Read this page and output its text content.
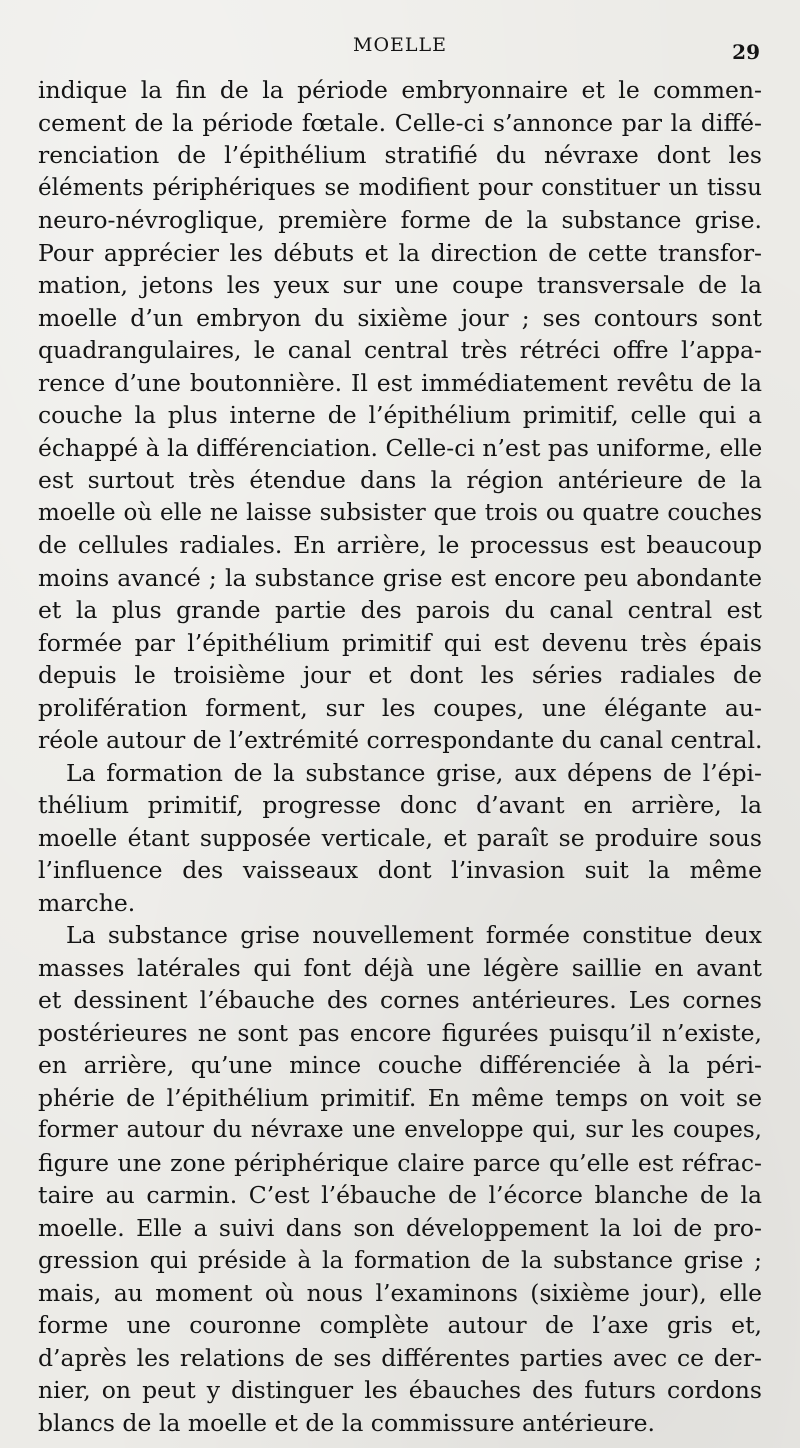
MOELLE	29
indique la fin de la période embryonnaire et le commen-
cement de la période fœtale. Celle-ci s’annonce par la diffé-
renciation de l’épithélium stratifié du névraxe dont les
éléments périphériques se modifient pour constituer un tissu
neuro-névroglique, première forme de la substance grise.
Pour apprécier les débuts et la direction de cette transfor-
mation, jetons les yeux sur une coupe transversale de la
moelle d’un embryon du sixième jour ; ses contours sont
quadrangulaires, le canal central très rétréci offre l’appa-
rence d’une boutonnière. Il est immédiatement revêtu de la
couche la plus interne de l’épithélium primitif, celle qui a
échappé à la différenciation. Celle-ci n’est pas uniforme, elle
est surtout très étendue dans la région antérieure de la
moelle où elle ne laisse subsister que trois ou quatre couches
de cellules radiales. En arrière, le processus est beaucoup
moins avancé ; la substance grise est encore peu abondante
et la plus grande partie des parois du canal central est
formée par l’épithélium primitif qui est devenu très épais
depuis le troisième jour et dont les séries radiales de
prolifération forment, sur les coupes, une élégante au-
réole autour de l’extrémité correspondante du canal central.
La formation de la substance grise, aux dépens de l’épi-
thélium primitif, progresse donc d’avant en arrière, la
moelle étant supposée verticale, et paraît se produire sous
l’influence des vaisseaux dont l’invasion suit la même
marche.
La substance grise nouvellement formée constitue deux
masses latérales qui font déjà une légère saillie en avant
et dessinent l’ébauche des cornes antérieures. Les cornes
postérieures ne sont pas encore figurées puisqu’il n’existe,
en arrière, qu’une mince couche différenciée à la péri-
phérie de l’épithélium primitif. En même temps on voit se
former autour du névraxe une enveloppe qui, sur les coupes,
figure une zone périphérique claire parce qu’elle est réfrac-
taire au carmin. C’est l’ébauche de l’écorce blanche de la
moelle. Elle a suivi dans son développement la loi de pro-
gression qui préside à la formation de la substance grise ;
mais, au moment où nous l’examinons (sixième jour), elle
forme une couronne complète autour de l’axe gris et,
d’après les relations de ses différentes parties avec ce der-
nier, on peut y distinguer les ébauches des futurs cordons
blancs de la moelle et de la commissure antérieure.
